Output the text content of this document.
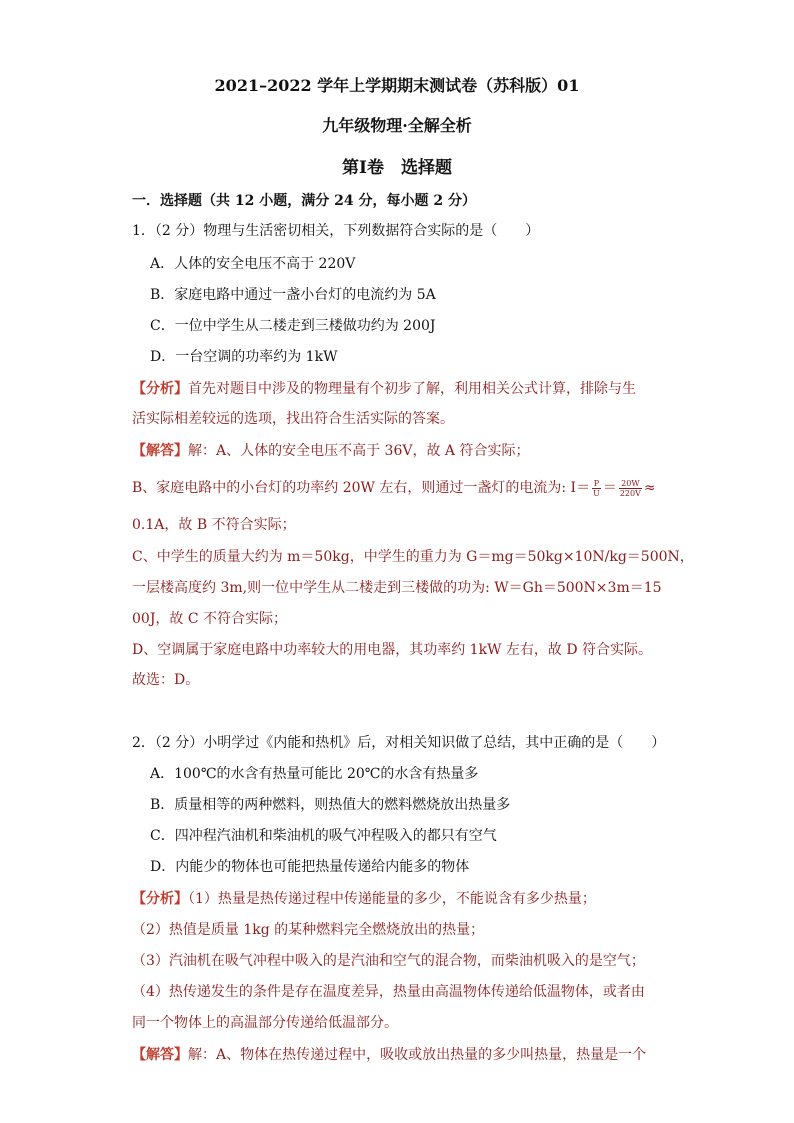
2021–2022 学年上学期期末测试卷（苏科版）01
九年级物理·全解全析
第Ⅰ卷　选择题
一．选择题（共 12 小题，满分 24 分，每小题 2 分）
1．（2 分）物理与生活密切相关，下列数据符合实际的是（　　）
A．人体的安全电压不高于 220V
B．家庭电路中通过一盏小台灯的电流约为 5A
C．一位中学生从二楼走到三楼做功约为 200J
D．一台空调的功率约为 1kW
【分析】首先对题目中涉及的物理量有个初步了解，利用相关公式计算，排除与生
活实际相差较远的选项，找出符合生活实际的答案。
【解答】解：A、人体的安全电压不高于 36V，故 A 符合实际；
B、家庭电路中的小台灯的功率约 20W 左右，则通过一盏灯的电流为: $I= \frac{P}{U} = \frac{20W}{220V}$ ≈
0.1A，故 B 不符合实际；
C、中学生的质量大约为 m＝50kg，中学生的重力为 G＝mg＝50kg×10N/kg＝500N，
一层楼高度约 3m,则一位中学生从二楼走到三楼做的功为: W＝Gh＝500N×3m＝15
00J，故 C 不符合实际；
D、空调属于家庭电路中功率较大的用电器，其功率约 1kW 左右，故 D 符合实际。
故选：D。
2．（2 分）小明学过《内能和热机》后，对相关知识做了总结，其中正确的是（　　）
A．100℃的水含有热量可能比 20℃的水含有热量多
B．质量相等的两种燃料，则热值大的燃料燃烧放出热量多
C．四冲程汽油机和柴油机的吸气冲程吸入的都只有空气
D．内能少的物体也可能把热量传递给内能多的物体
【分析】（1）热量是热传递过程中传递能量的多少，不能说含有多少热量；
（2）热值是质量 1kg 的某种燃料完全燃烧放出的热量；
（3）汽油机在吸气冲程中吸入的是汽油和空气的混合物，而柴油机吸入的是空气；
（4）热传递发生的条件是存在温度差异，热量由高温物体传递给低温物体，或者由
同一个物体上的高温部分传递给低温部分。
【解答】解：A、物体在热传递过程中，吸收或放出热量的多少叫热量，热量是一个
